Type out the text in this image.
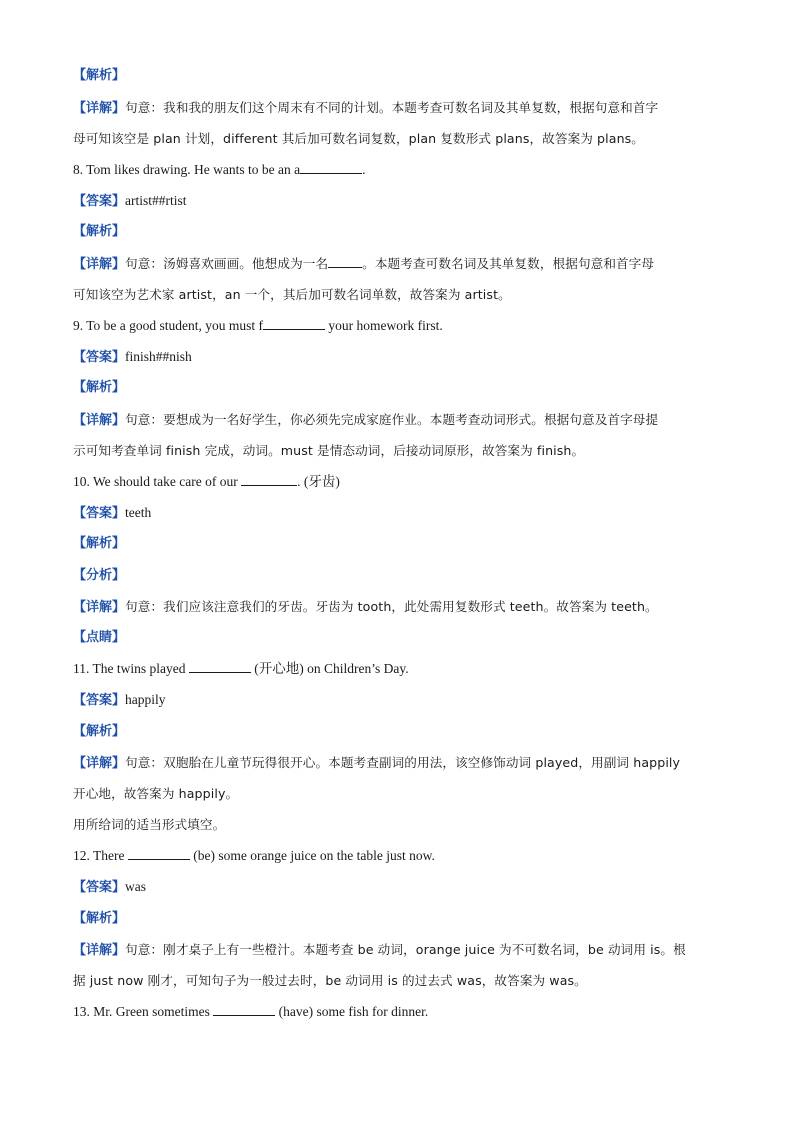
【解析】
【详解】句意：我和我的朋友们这个周末有不同的计划。本题考查可数名词及其单复数，根据句意和首字
母可知该空是 plan 计划，different 其后加可数名词复数，plan 复数形式 plans，故答案为 plans。
8. Tom likes drawing. He wants to be an a	.
【答案】artist##rtist
【解析】
【详解】句意：汤姆喜欢画画。他想成为一名	。本题考查可数名词及其单复数，根据句意和首字母
可知该空为艺术家 artist，an 一个，其后加可数名词单数，故答案为 artist。
9. To be a good student, you must f	your homework first.
【答案】finish##nish
【解析】
【详解】句意：要想成为一名好学生，你必须先完成家庭作业。本题考查动词形式。根据句意及首字母提
示可知考查单词 finish 完成，动词。must 是情态动词，后接动词原形，故答案为 finish。
10. We should take care of our	. (牙齿)
【答案】teeth
【解析】
【分析】
【详解】句意：我们应该注意我们的牙齿。牙齿为 tooth，此处需用复数形式 teeth。故答案为 teeth。
【点睛】
11. The twins played	(开心地) on Children’s Day.
【答案】happily
【解析】
【详解】句意：双胞胎在儿童节玩得很开心。本题考查副词的用法，该空修饰动词 played，用副词 happily
开心地，故答案为 happily。
用所给词的适当形式填空。
12. There	(be) some orange juice on the table just now.
【答案】was
【解析】
【详解】句意：刚才桌子上有一些橙汁。本题考查 be 动词，orange juice 为不可数名词，be 动词用 is。根
据 just now 刚才，可知句子为一般过去时，be 动词用 is 的过去式 was，故答案为 was。
13. Mr. Green sometimes	(have) some fish for dinner.
